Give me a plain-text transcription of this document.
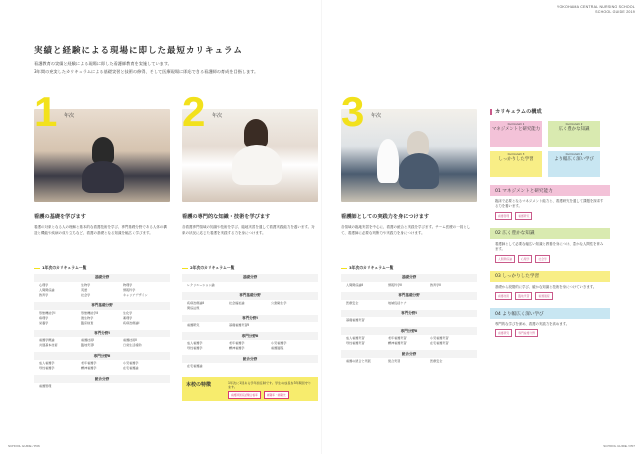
YOKOHAMA CENTRAL NURSING SCHOOL
SCHOOL GUIDE 2019
実績と経験による現場に即した最短カリキュラム
看護教育の実績と経験による現場に即した看護師教育を実施しています。
3年間の充実したカリキュラムによる基礎実習と技術の修得、そして医療現場に即応できる看護師の育成を目指します。
1 年次
看護の基礎を学びます
看護の対象となる人の理解と基本的な看護技術を学び、専門基礎分野である人体の構造と機能や疾病の成り立ちなど、看護の基礎となる知識を幅広く学びます。
1年次のカリキュラム一覧
基礎分野
心理学	生物学	物理学
人間関係論	英語	情報科学
教育学	社会学	キャリアデザイン
専門基礎分野
形態機能学Ⅰ	形態機能学Ⅱ	生化学
病理学	微生物学	薬理学
栄養学	臨床検査	疾病治療論Ⅰ
専門分野Ⅰ
看護学概論	看護技術Ⅰ	看護技術Ⅱ
共通基本技術	臨地実習Ⅰ	日常生活援助
専門分野Ⅱ
成人看護学	老年看護学	小児看護学
母性看護学	精神看護学	在宅看護論
統合分野
看護管理
2 年次
看護の専門的な知識・技術を学びます
各看護専門領域の知識や技術を学び、臨地実習を通して看護実践能力を養います。対象の状況に応じた看護を実践する力を身につけます。
2年次のカリキュラム一覧
基礎分野
レクリエーション論
専門基礎分野
疾病治療論Ⅱ	社会福祉論	公衆衛生学
関係法規
専門分野Ⅰ
看護研究	基礎看護実習Ⅱ
専門分野Ⅱ
成人看護学	老年看護学	小児看護学
母性看護学	精神看護学	看護過程
統合分野
在宅看護論
3 年次
看護師としての実践力を身につけます
各領域の臨地実習を中心に、看護の統合と実践を学びます。チーム医療の一員として、看護師に必要な判断力や実践力を身につけます。
3年次のカリキュラム一覧
基礎分野
人間関係論Ⅱ	情報科学Ⅱ	教育学Ⅱ
専門基礎分野
医療安全	地域包括ケア
専門分野Ⅰ
基礎看護実習
専門分野Ⅱ
成人看護実習	老年看護実習	小児看護実習
母性看護実習	精神看護実習	在宅看護実習
統合分野
看護の統合と実践	統合実習	医療安全
本校の特徴	1年次に1回ある学年担任制です。学生の成長を3年間見守ります。
看護師国家試験合格率	就職率・就職先
カリキュラムの構成
Curriculum 1
マネジメントと研究能力
Curriculum 2
広く豊かな知識
Curriculum 3
しっかりした学習
Curriculum 4
より幅広く深い学び
01 マネジメントと研究能力
臨床で必要となるマネジメント能力と、看護研究を通して課題を探求する力を養います。
看護管理	看護研究
02 広く豊かな知識
看護師として必要な幅広い知識と教養を身につけ、豊かな人間性を育みます。
人間関係論	心理学	社会学
03 しっかりした学習
基礎から段階的に学び、確かな知識と技術を身につけていきます。
看護技術	臨地実習	看護過程
04 より幅広く深い学び
専門的な学びを深め、看護の実践力を高めます。
看護研究	専門看護分野
SCHOOL GUIDE / P06	SCHOOL GUIDE / P07
